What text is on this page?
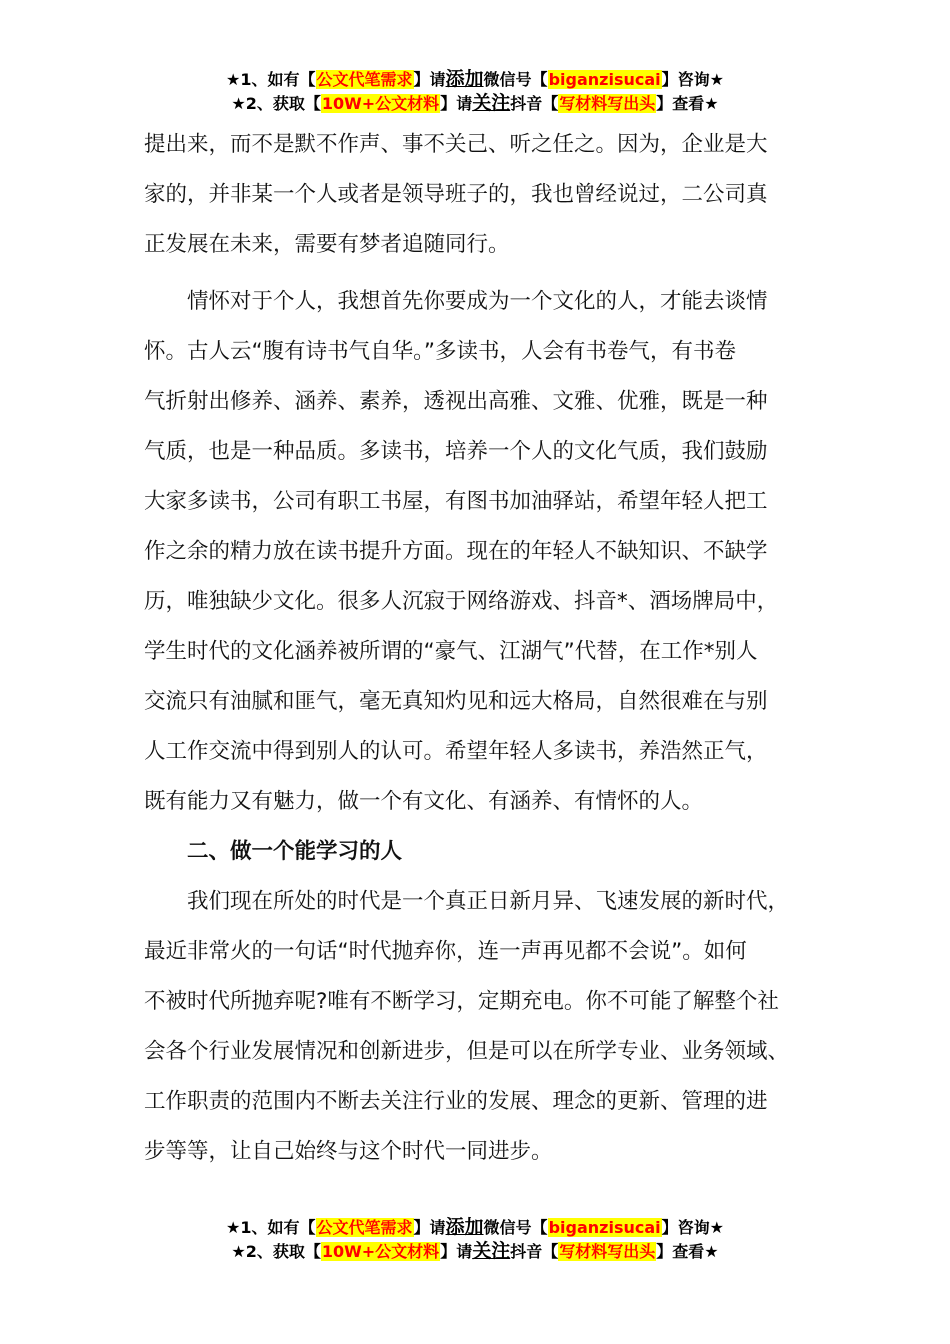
★1、如有【公文代笔需求】请添加微信号【biganzisucai】咨询★
★2、获取【10W+公文材料】请关注抖音【写材料写出头】查看★
提出来，而不是默不作声、事不关己、听之任之。因为，企业是大
家的，并非某一个人或者是领导班子的，我也曾经说过，二公司真
正发展在未来，需要有梦者追随同行。
　　情怀对于个人，我想首先你要成为一个文化的人，才能去谈情
怀。古人云“腹有诗书气自华。”多读书，人会有书卷气，有书卷
气折射出修养、涵养、素养，透视出高雅、文雅、优雅，既是一种
气质，也是一种品质。多读书，培养一个人的文化气质，我们鼓励
大家多读书，公司有职工书屋，有图书加油驿站，希望年轻人把工
作之余的精力放在读书提升方面。现在的年轻人不缺知识、不缺学
历，唯独缺少文化。很多人沉寂于网络游戏、抖音*、酒场牌局中，
学生时代的文化涵养被所谓的“豪气、江湖气”代替，在工作*别人
交流只有油腻和匪气，毫无真知灼见和远大格局，自然很难在与别
人工作交流中得到别人的认可。希望年轻人多读书，养浩然正气，
既有能力又有魅力，做一个有文化、有涵养、有情怀的人。
　　二、做一个能学习的人
　　我们现在所处的时代是一个真正日新月异、飞速发展的新时代，
最近非常火的一句话“时代抛弃你，连一声再见都不会说”。如何
不被时代所抛弃呢?唯有不断学习，定期充电。你不可能了解整个社
会各个行业发展情况和创新进步，但是可以在所学专业、业务领域、
工作职责的范围内不断去关注行业的发展、理念的更新、管理的进
步等等，让自己始终与这个时代一同进步。
★1、如有【公文代笔需求】请添加微信号【biganzisucai】咨询★
★2、获取【10W+公文材料】请关注抖音【写材料写出头】查看★
